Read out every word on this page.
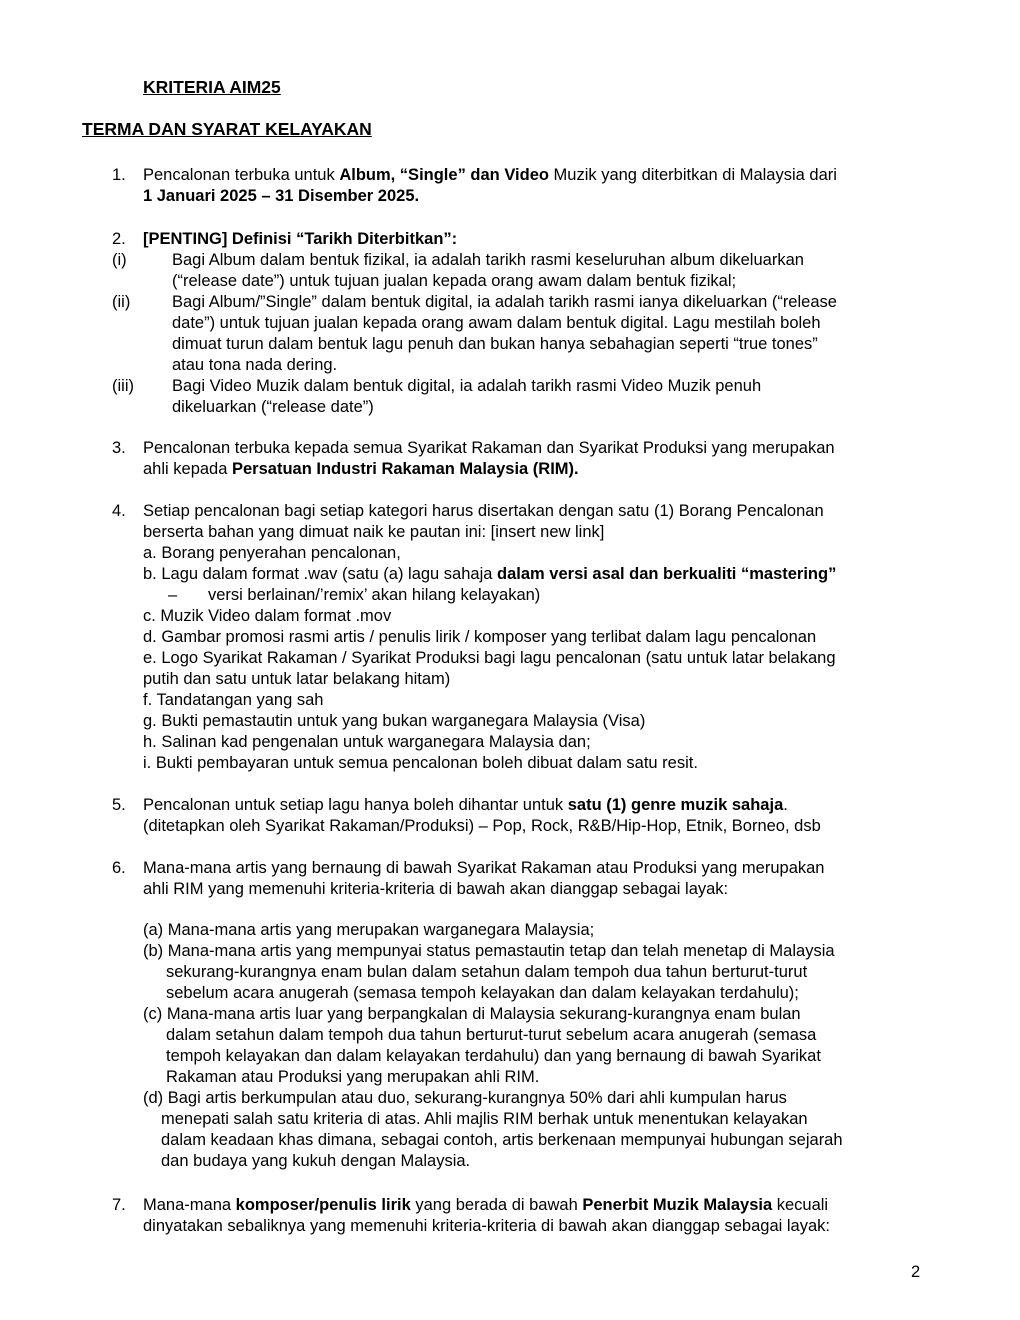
KRITERIA AIM25
TERMA DAN SYARAT KELAYAKAN
1. Pencalonan terbuka untuk Album, “Single” dan Video Muzik yang diterbitkan di Malaysia dari
1 Januari 2025 – 31 Disember 2025.
2. [PENTING] Definisi “Tarikh Diterbitkan”:
(i)	Bagi Album dalam bentuk fizikal, ia adalah tarikh rasmi keseluruhan album dikeluarkan
(“release date”) untuk tujuan jualan kepada orang awam dalam bentuk fizikal;
(ii)	Bagi Album/”Single” dalam bentuk digital, ia adalah tarikh rasmi ianya dikeluarkan (“release
date”) untuk tujuan jualan kepada orang awam dalam bentuk digital. Lagu mestilah boleh
dimuat turun dalam bentuk lagu penuh dan bukan hanya sebahagian seperti “true tones”
atau tona nada dering.
(iii) Bagi Video Muzik dalam bentuk digital, ia adalah tarikh rasmi Video Muzik penuh
dikeluarkan (“release date”)
3. Pencalonan terbuka kepada semua Syarikat Rakaman dan Syarikat Produksi yang merupakan
ahli kepada Persatuan Industri Rakaman Malaysia (RIM).
4. Setiap pencalonan bagi setiap kategori harus disertakan dengan satu (1) Borang Pencalonan
berserta bahan yang dimuat naik ke pautan ini: [insert new link]
a. Borang penyerahan pencalonan,
b. Lagu dalam format .wav (satu (a) lagu sahaja dalam versi asal dan berkualiti “mastering”
– versi berlainan/’remix’ akan hilang kelayakan)
c. Muzik Video dalam format .mov
d. Gambar promosi rasmi artis / penulis lirik / komposer yang terlibat dalam lagu pencalonan
e. Logo Syarikat Rakaman / Syarikat Produksi bagi lagu pencalonan (satu untuk latar belakang
putih dan satu untuk latar belakang hitam)
f. Tandatangan yang sah
g. Bukti pemastautin untuk yang bukan warganegara Malaysia (Visa)
h. Salinan kad pengenalan untuk warganegara Malaysia dan;
i. Bukti pembayaran untuk semua pencalonan boleh dibuat dalam satu resit.
5. Pencalonan untuk setiap lagu hanya boleh dihantar untuk satu (1) genre muzik sahaja.
(ditetapkan oleh Syarikat Rakaman/Produksi) – Pop, Rock, R&B/Hip-Hop, Etnik, Borneo, dsb
6. Mana-mana artis yang bernaung di bawah Syarikat Rakaman atau Produksi yang merupakan
ahli RIM yang memenuhi kriteria-kriteria di bawah akan dianggap sebagai layak:
(a) Mana-mana artis yang merupakan warganegara Malaysia;
(b) Mana-mana artis yang mempunyai status pemastautin tetap dan telah menetap di Malaysia
sekurang-kurangnya enam bulan dalam setahun dalam tempoh dua tahun berturut-turut
sebelum acara anugerah (semasa tempoh kelayakan dan dalam kelayakan terdahulu);
(c) Mana-mana artis luar yang berpangkalan di Malaysia sekurang-kurangnya enam bulan
dalam setahun dalam tempoh dua tahun berturut-turut sebelum acara anugerah (semasa
tempoh kelayakan dan dalam kelayakan terdahulu) dan yang bernaung di bawah Syarikat
Rakaman atau Produksi yang merupakan ahli RIM.
(d) Bagi artis berkumpulan atau duo, sekurang-kurangnya 50% dari ahli kumpulan harus
menepati salah satu kriteria di atas. Ahli majlis RIM berhak untuk menentukan kelayakan
dalam keadaan khas dimana, sebagai contoh, artis berkenaan mempunyai hubungan sejarah
dan budaya yang kukuh dengan Malaysia.
7. Mana-mana komposer/penulis lirik yang berada di bawah Penerbit Muzik Malaysia kecuali
dinyatakan sebaliknya yang memenuhi kriteria-kriteria di bawah akan dianggap sebagai layak:
2
